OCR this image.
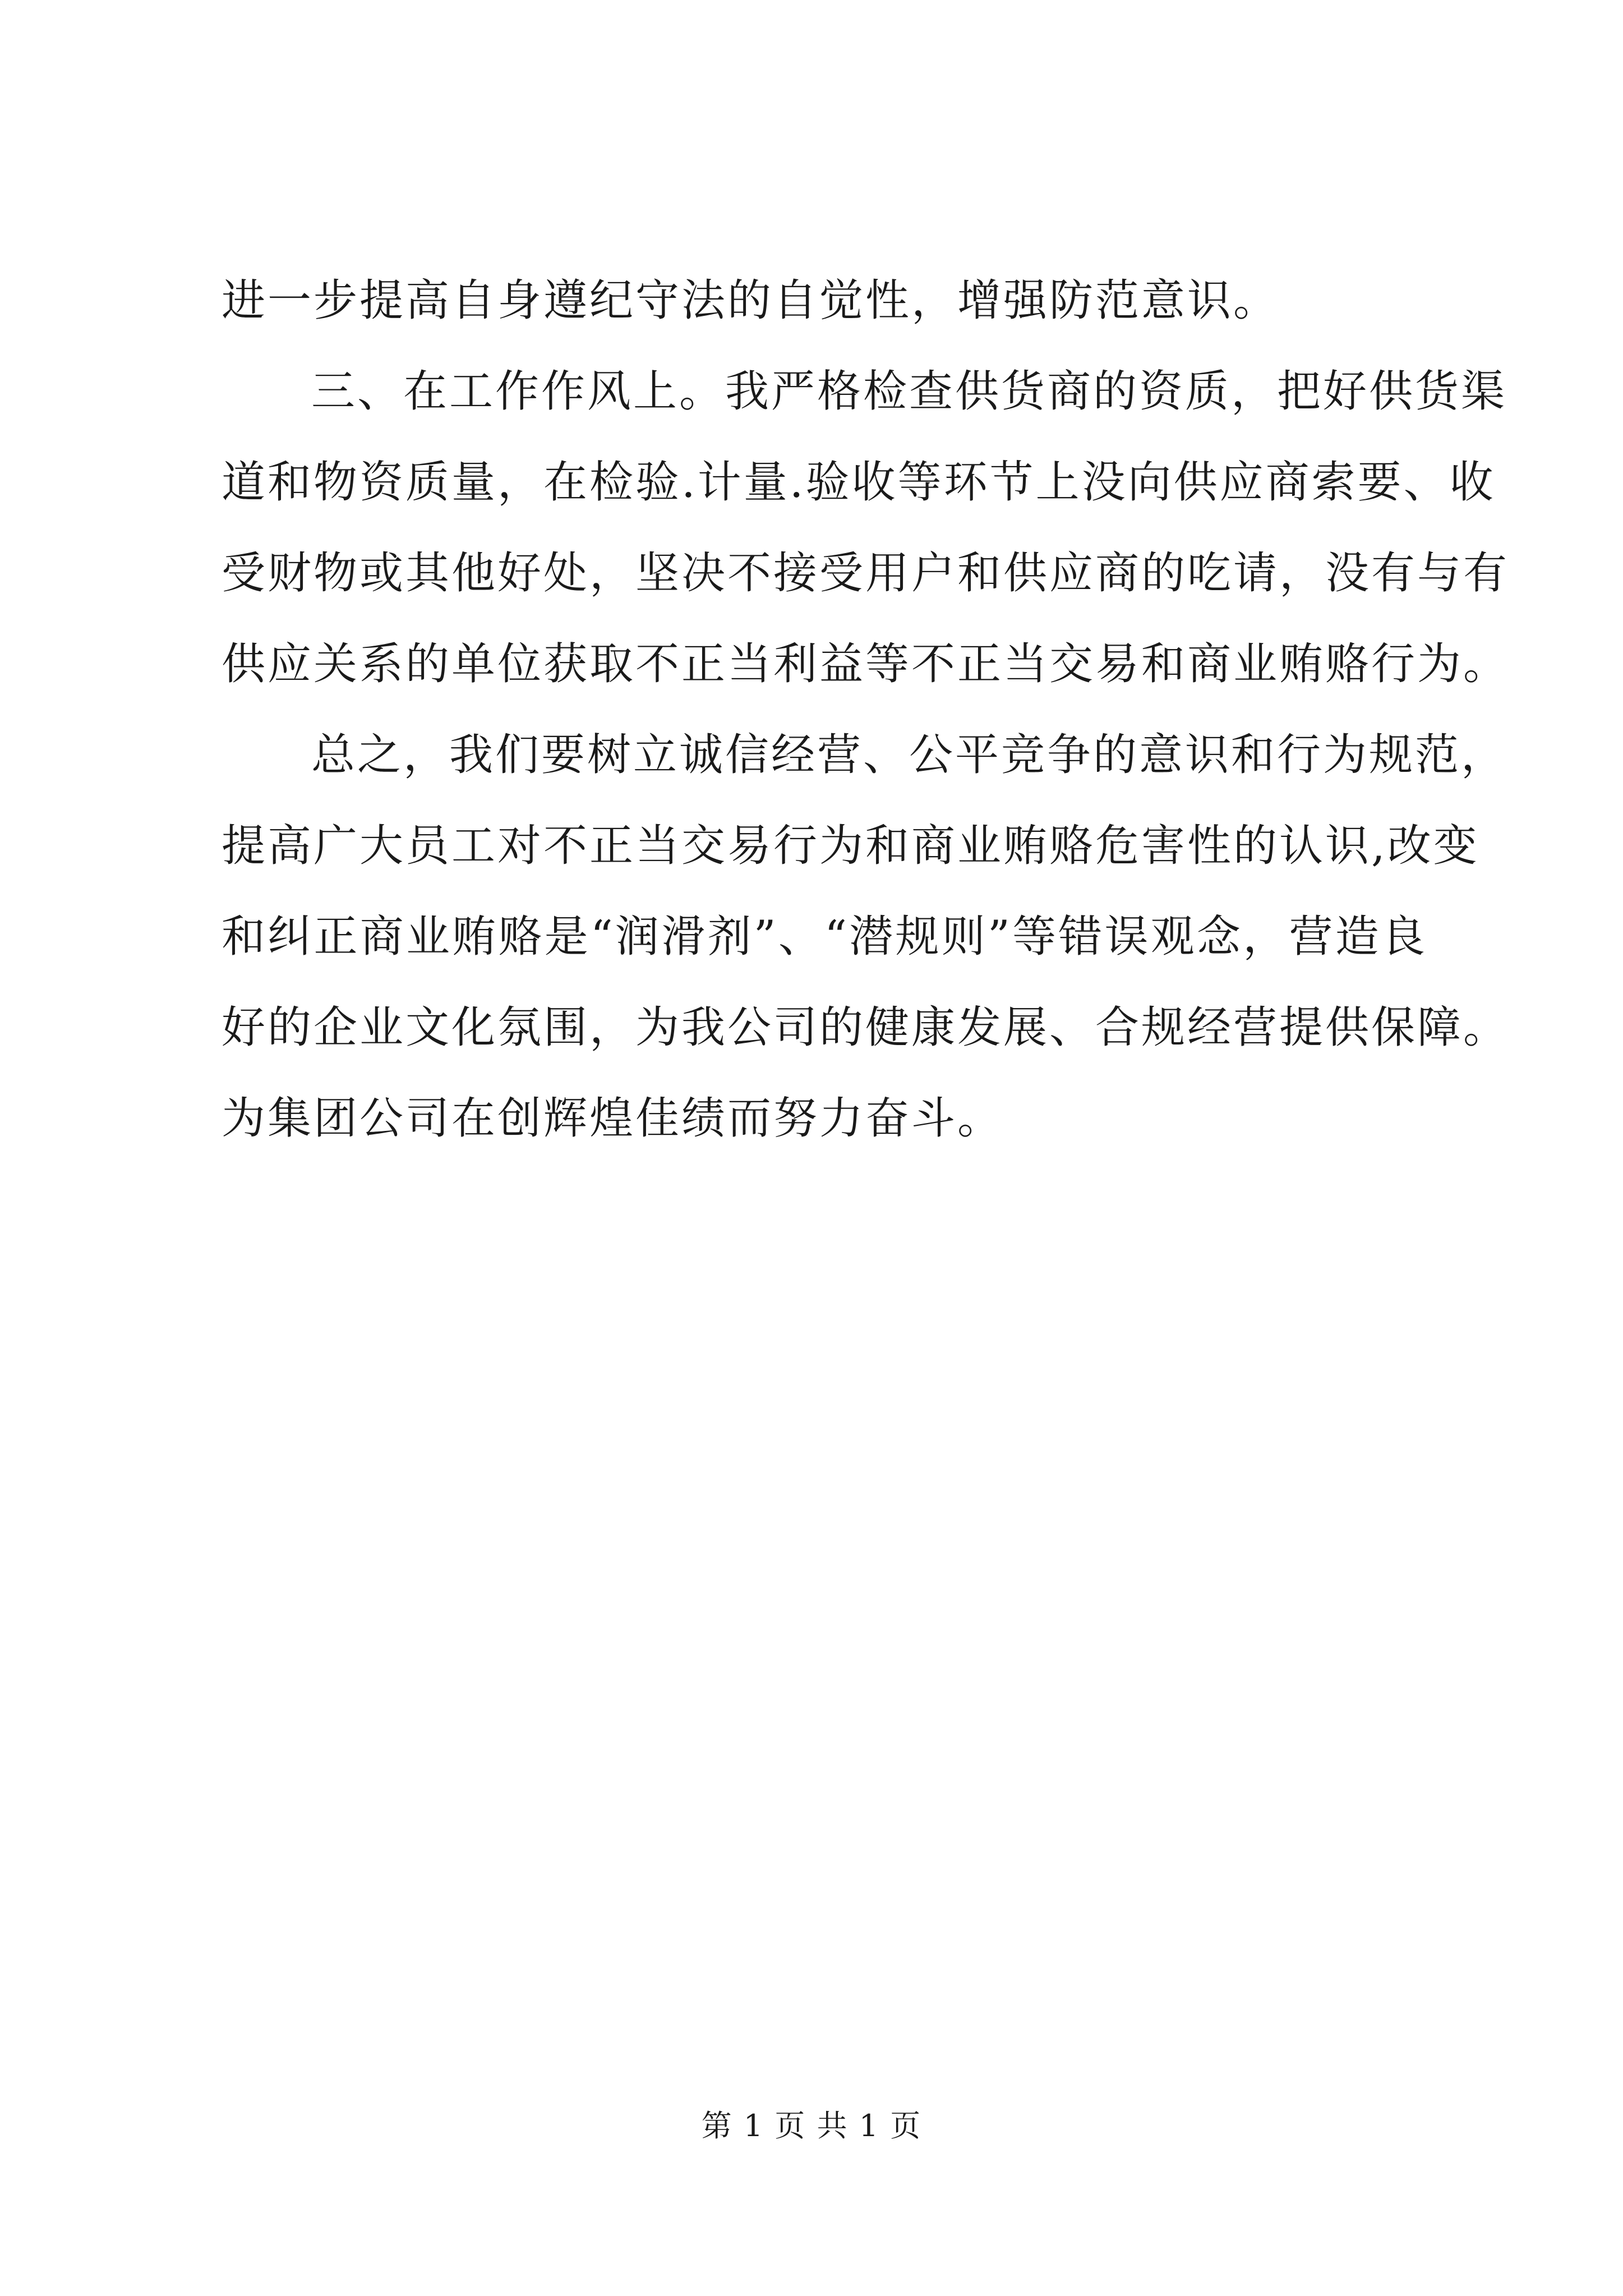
进一步提高自身遵纪守法的自觉性，增强防范意识。
三、在工作作风上。我严格检查供货商的资质，把好供货渠
道和物资质量，在检验.计量.验收等环节上没向供应商索要、收
受财物或其他好处，坚决不接受用户和供应商的吃请，没有与有
供应关系的单位获取不正当利益等不正当交易和商业贿赂行为。
总之，我们要树立诚信经营、公平竞争的意识和行为规范，
提高广大员工对不正当交易行为和商业贿赂危害性的认识,改变
和纠正商业贿赂是“润滑剂”、“潜规则”等错误观念，营造良
好的企业文化氛围，为我公司的健康发展、合规经营提供保障。
为集团公司在创辉煌佳绩而努力奋斗。
第 1 页 共 1 页
